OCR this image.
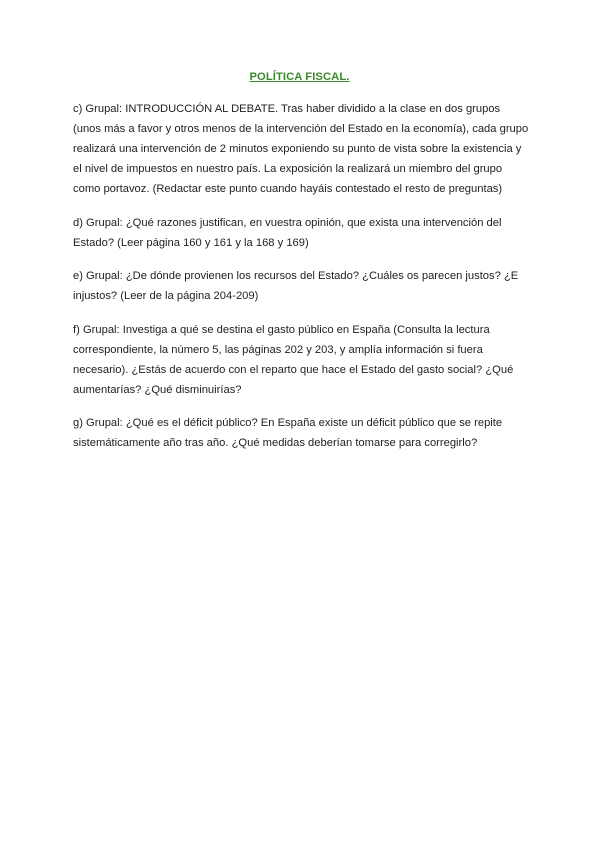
POLÍTICA FISCAL.
c) Grupal: INTRODUCCIÓN AL DEBATE. Tras haber dividido a la clase en dos grupos
(unos más a favor y otros menos de la intervención del Estado en la economía), cada grupo
realizará una intervención de 2 minutos exponiendo su punto de vista sobre la existencia y
el nivel de impuestos en nuestro país. La exposición la realizará un miembro del grupo
como portavoz. (Redactar este punto cuando hayáis contestado el resto de preguntas)
d) Grupal: ¿Qué razones justifican, en vuestra opinión, que exista una intervención del
Estado? (Leer página 160 y 161 y la 168 y 169)
e) Grupal: ¿De dónde provienen los recursos del Estado? ¿Cuáles os parecen justos? ¿E
injustos? (Leer de la página 204-209)
f) Grupal: Investiga a qué se destina el gasto público en España (Consulta la lectura
correspondiente, la número 5, las páginas 202 y 203, y amplía información si fuera
necesario). ¿Estás de acuerdo con el reparto que hace el Estado del gasto social? ¿Qué
aumentarías? ¿Qué disminuirías?
g) Grupal: ¿Qué es el déficit público? En España existe un déficit público que se repite
sistemáticamente año tras año. ¿Qué medidas deberían tomarse para corregirlo?
